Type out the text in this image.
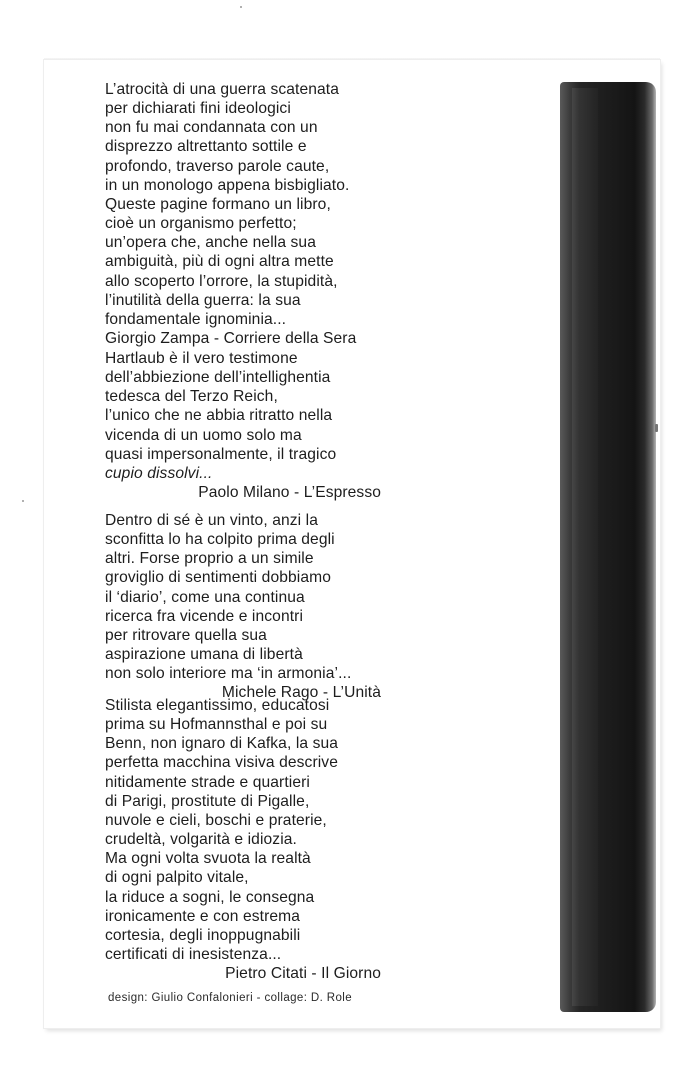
L’atrocità di una guerra scatenata
per dichiarati fini ideologici
non fu mai condannata con un
disprezzo altrettanto sottile e
profondo, traverso parole caute,
in un monologo appena bisbigliato.
Queste pagine formano un libro,
cioè un organismo perfetto;
un’opera che, anche nella sua
ambiguità, più di ogni altra mette
allo scoperto l’orrore, la stupidità,
l’inutilità della guerra: la sua
fondamentale ignominia...

Giorgio Zampa - Corriere della Sera

Hartlaub è il vero testimone
dell’abbiezione dell’intellighentia
tedesca del Terzo Reich,
l’unico che ne abbia ritratto nella
vicenda di un uomo solo ma
quasi impersonalmente, il tragico

cupio dissolvi...

Paolo Milano - L’Espresso

Dentro di sé è un vinto, anzi la
sconfitta lo ha colpito prima degli
altri. Forse proprio a un simile
groviglio di sentimenti dobbiamo
il ‘diario’, come una continua
ricerca fra vicende e incontri
per ritrovare quella sua
aspirazione umana di libertà
non solo interiore ma ‘in armonia’...

Michele Rago - L’Unità

Stilista elegantissimo, educatosi
prima su Hofmannsthal e poi su
Benn, non ignaro di Kafka, la sua
perfetta macchina visiva descrive
nitidamente strade e quartieri
di Parigi, prostitute di Pigalle,
nuvole e cieli, boschi e praterie,
crudeltà, volgarità e idiozia.
Ma ogni volta svuota la realtà
di ogni palpito vitale,
la riduce a sogni, le consegna
ironicamente e con estrema
cortesia, degli inoppugnabili
certificati di inesistenza...

Pietro Citati - Il Giorno

design: Giulio Confalonieri - collage: D. Role
